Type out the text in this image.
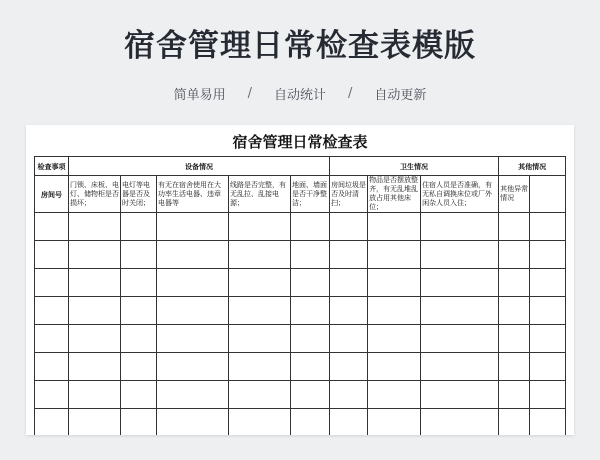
宿舍管理日常检查表模版
简单易用 / 自动统计 / 自动更新
宿舍管理日常检查表
检查事项	设备情况					卫生情况			其他情况	
房间号	门锁、床板、电灯、储物柜是否损坏；	电灯等电器是否及时关闭；	有无在宿舍使用在大功率生活电器、违章电器等	线路是否完整，有无乱拉、乱接电源；	地面、墙面是否干净整洁；	房间垃圾是否及时清扫；	物品是否摆放整齐，有无乱堆乱放占用其他床位；	住宿人员是否准确，有无私自调换床位或厂外闲杂人员入住；	其他异常情况		
